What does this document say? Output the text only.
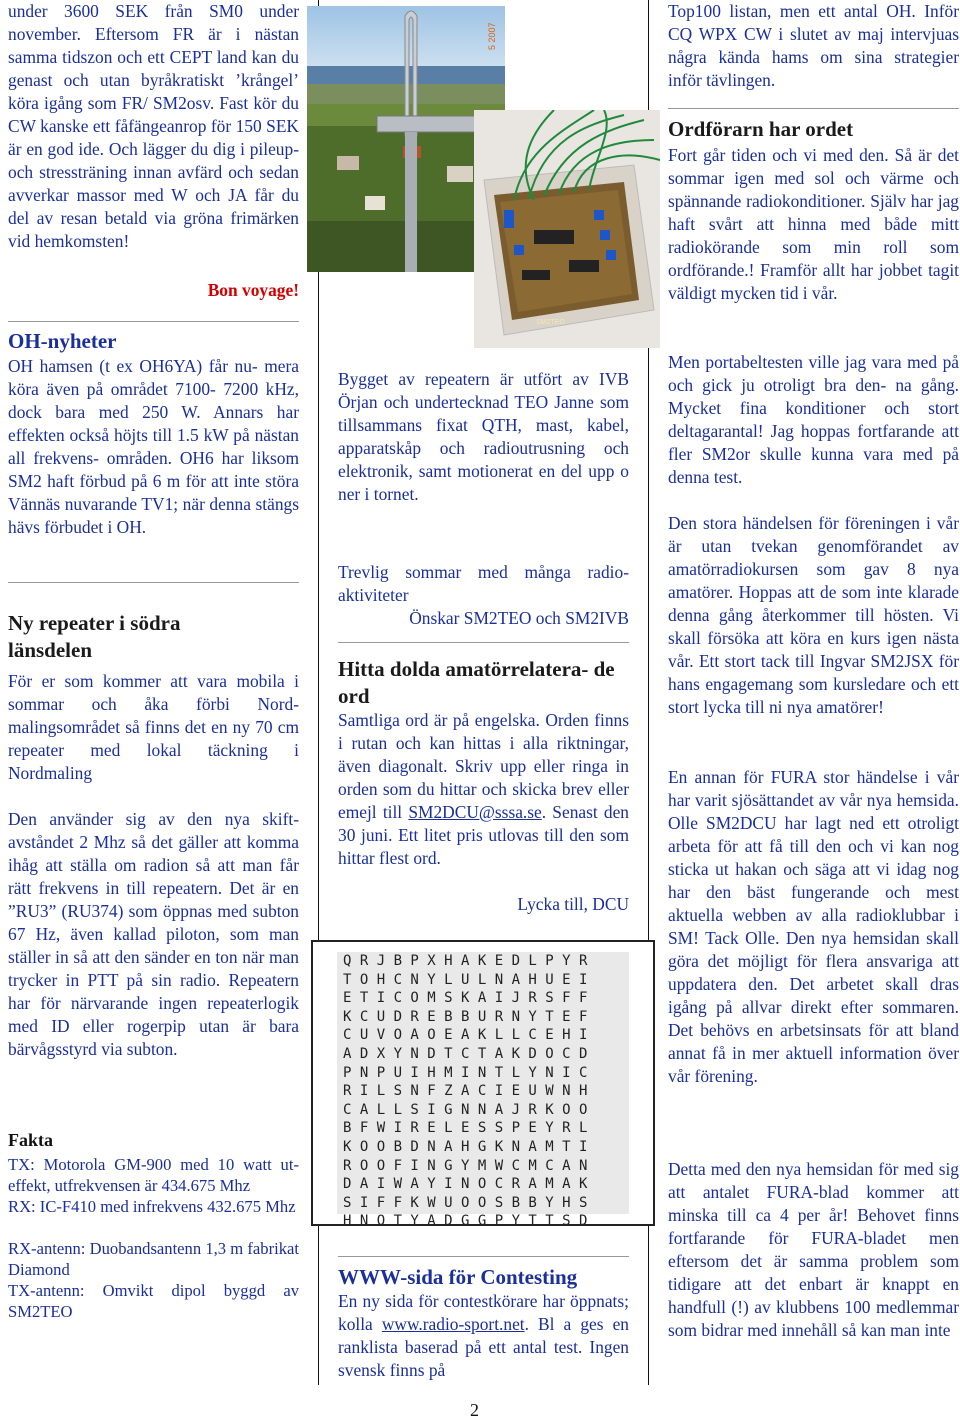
under 3600 SEK från SM0 under november. Eftersom FR är i nästan samma tidszon och ett CEPT land kan du genast och utan byråkratiskt ’krångel’ köra igång som FR/ SM2osv. Fast kör du CW kanske ett fåfängeanrop för 150 SEK är en god ide. Och lägger du dig i pileup- och stressträning innan avfärd och sedan avverkar massor med W och JA får du del av resan betald via gröna frimärken vid hemkomsten!

Bon voyage!

OH-nyheter

OH hamsen (t ex OH6YA) får nu- mera köra även på området 7100- 7200 kHz, dock bara med 250 W. Annars har effekten också höjts till 1.5 kW på nästan all frekvens- områden. OH6 har liksom SM2 haft förbud på 6 m för att inte störa Vännäs nuvarande TV1; när denna stängs hävs förbudet i OH.

Ny repeater i södra

länsdelen

För er som kommer att vara mobila i sommar och åka förbi Nord- malingsområdet så finns det en ny 70 cm repeater med lokal täckning i Nordmaling

Den använder sig av den nya skift- avståndet 2 Mhz så det gäller att komma ihåg att ställa om radion så att man får rätt frekvens in till repeatern. Det är en ”RU3” (RU374) som öppnas med subton 67 Hz, även kallad piloton, som man ställer in så att den sänder en ton när man trycker in PTT på sin radio. Repeatern har för närvarande ingen repeaterlogik med ID eller rogerpip utan är bara bärvågsstyrd via subton.

Fakta

TX: Motorola GM-900 med 10 watt ut- effekt, utfrekvensen är 434.675 Mhz

RX: IC-F410 med infrekvens 432.675 Mhz

RX-antenn: Duobandsantenn 1,3 m fabrikat Diamond

TX-antenn: Omvikt dipol byggd av SM2TEO

5 2007
SM2TEO

Bygget av repeatern är utfört av IVB Örjan och undertecknad TEO Janne som tillsammans fixat QTH, mast, kabel, apparatskåp och radioutrusning och elektronik, samt motionerat en del upp o ner i tornet.

Trevlig sommar med många radio- aktiviteter

Önskar SM2TEO och SM2IVB

Hitta dolda amatörrelatera- de ord

Samtliga ord är på engelska. Orden finns i rutan och kan hittas i alla riktningar, även diagonalt. Skriv upp eller ringa in orden som du hittar och skicka brev eller emejl till SM2DCU@sssa.se. Senast den 30 juni. Ett litet pris utlovas till den som hittar flest ord.

Lycka till, DCU

WWW-sida för Contesting

En ny sida för contestkörare har öppnats; kolla www.radio-sport.net. Bl a ges en ranklista baserad på ett antal test. Ingen svensk finns på

Q R J B P X H A K E D L P Y R
T O H C N Y L U L N A H U E I
E T I C O M S K A I J R S F F
K C U D R E B B U R N Y T E F
C U V O A O E A K L L C E H I
A D X Y N D T C T A K D O C D
P N P U I H M I N T L Y N I C
R I L S N F Z A C I E U W N H
C A L L S I G N N A J R K O O
B F W I R E L E S S P E Y R L
K O O B D N A H G K N A M T I
R O O F I N G Y M W C M C A N
D A I W A Y I N O C R A M A K
S I F F K W U O O S B B Y H S
H N O T Y A D G G P Y T T S D

Top100 listan, men ett antal OH. Inför CQ WPX CW i slutet av maj intervjuas några kända hams om sina strategier inför tävlingen.

Ordförarn har ordet

Fort går tiden och vi med den. Så är det sommar igen med sol och värme och spännande radiokonditioner. Själv har jag haft svårt att hinna med både mitt radiokörande som min roll som ordförande.! Framför allt har jobbet tagit väldigt mycken tid i vår.

Men portabeltesten ville jag vara med på och gick ju otroligt bra den- na gång. Mycket fina konditioner och stort deltagarantal! Jag hoppas fortfarande att fler SM2or skulle kunna vara med på denna test.

Den stora händelsen för föreningen i vår är utan tvekan genomförandet av amatörradiokursen som gav 8 nya amatörer. Hoppas att de som inte klarade denna gång återkommer till hösten. Vi skall försöka att köra en kurs igen nästa vår. Ett stort tack till Ingvar SM2JSX för hans engagemang som kursledare och ett stort lycka till ni nya amatörer!

En annan för FURA stor händelse i vår har varit sjösättandet av vår nya hemsida. Olle SM2DCU har lagt ned ett otroligt arbeta för att få till den och vi kan nog sticka ut hakan och säga att vi idag nog har den bäst fungerande och mest aktuella webben av alla radioklubbar i SM! Tack Olle. Den nya hemsidan skall göra det möjligt för flera ansvariga att uppdatera den. Det arbetet skall dras igång på allvar direkt efter sommaren. Det behövs en arbetsinsats för att bland annat få in mer aktuell information över vår förening.

Detta med den nya hemsidan för med sig att antalet FURA-blad kommer att minska till ca 4 per år! Behovet finns fortfarande för FURA-bladet men eftersom det är samma problem som tidigare att det enbart är knappt en handfull (!) av klubbens 100 medlemmar som bidrar med innehåll så kan man inte

2
